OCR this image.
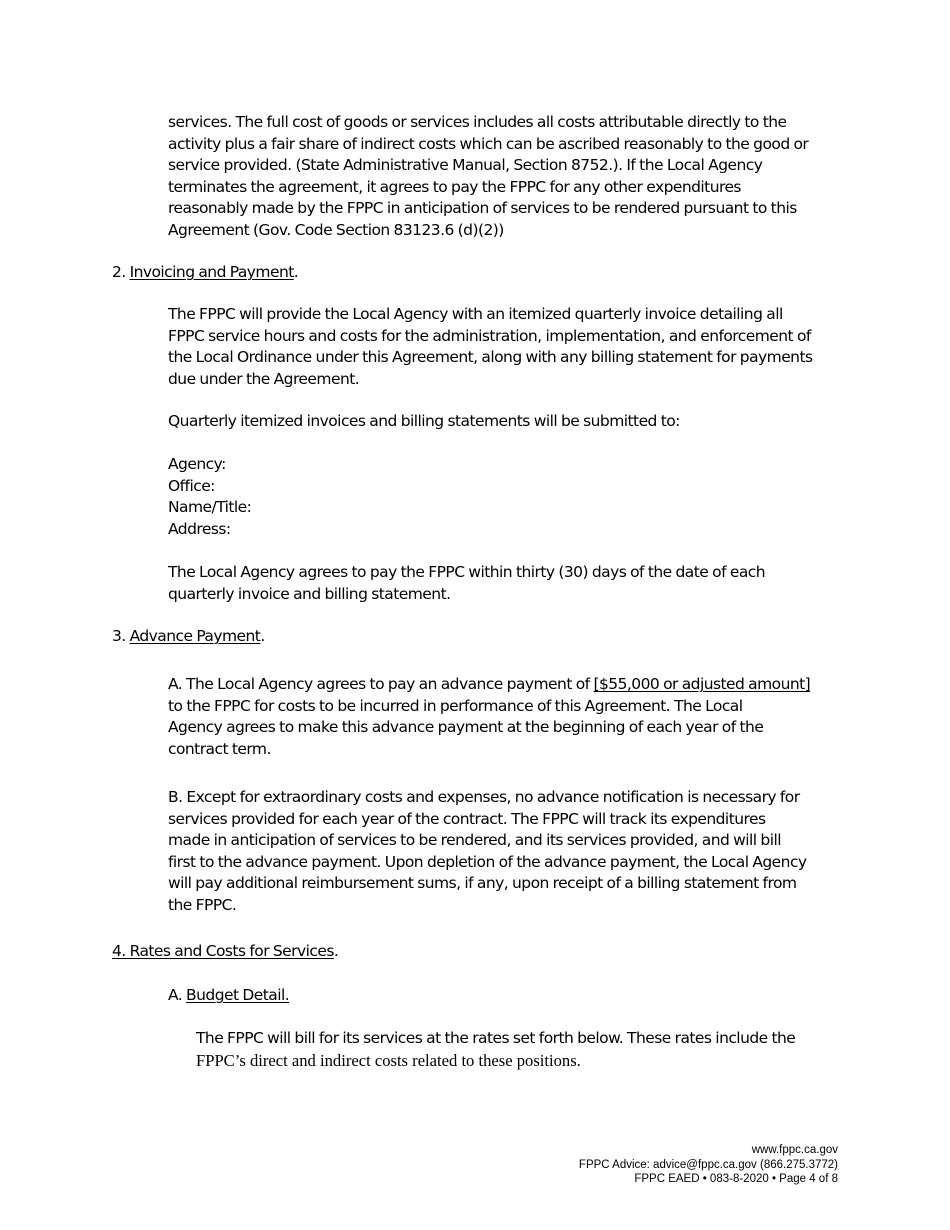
services. The full cost of goods or services includes all costs attributable directly to the
activity plus a fair share of indirect costs which can be ascribed reasonably to the good or
service provided. (State Administrative Manual, Section 8752.). If the Local Agency
terminates the agreement, it agrees to pay the FPPC for any other expenditures
reasonably made by the FPPC in anticipation of services to be rendered pursuant to this
Agreement (Gov. Code Section 83123.6 (d)(2))
2. Invoicing and Payment.
The FPPC will provide the Local Agency with an itemized quarterly invoice detailing all
FPPC service hours and costs for the administration, implementation, and enforcement of
the Local Ordinance under this Agreement, along with any billing statement for payments
due under the Agreement.
Quarterly itemized invoices and billing statements will be submitted to:
Agency:
Office:
Name/Title:
Address:
The Local Agency agrees to pay the FPPC within thirty (30) days of the date of each
quarterly invoice and billing statement.
3. Advance Payment.
A. The Local Agency agrees to pay an advance payment of [$55,000 or adjusted amount]
to the FPPC for costs to be incurred in performance of this Agreement. The Local
Agency agrees to make this advance payment at the beginning of each year of the
contract term.
B. Except for extraordinary costs and expenses, no advance notification is necessary for
services provided for each year of the contract. The FPPC will track its expenditures
made in anticipation of services to be rendered, and its services provided, and will bill
first to the advance payment. Upon depletion of the advance payment, the Local Agency
will pay additional reimbursement sums, if any, upon receipt of a billing statement from
the FPPC.
4. Rates and Costs for Services.
A. Budget Detail.
The FPPC will bill for its services at the rates set forth below. These rates include the
FPPC’s direct and indirect costs related to these positions.
www.fppc.ca.gov
FPPC Advice: advice@fppc.ca.gov (866.275.3772)
FPPC EAED • 083-8-2020 • Page 4 of 8
